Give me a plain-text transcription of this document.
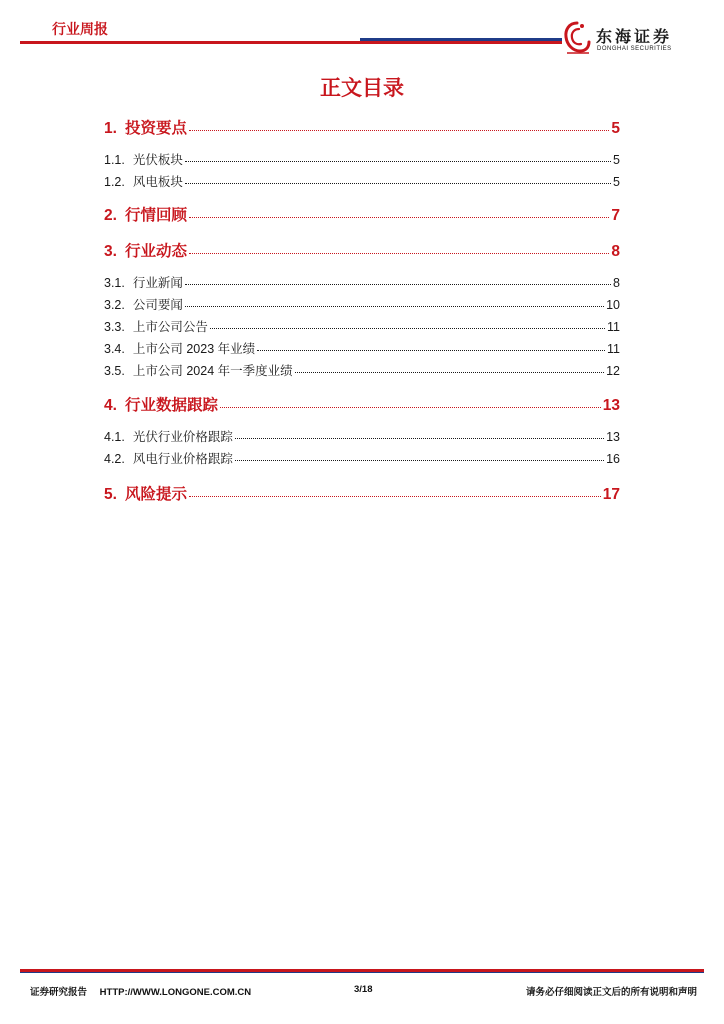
行业周报	东海证券
DONGHAI SECURITIES
正文目录
1. 投资要点	5
1.1. 光伏板块	5
1.2. 风电板块	5
2. 行情回顾	7
3. 行业动态	8
3.1. 行业新闻	8
3.2. 公司要闻	10
3.3. 上市公司公告	11
3.4. 上市公司 2023 年业绩	11
3.5. 上市公司 2024 年一季度业绩	12
4. 行业数据跟踪	13
4.1. 光伏行业价格跟踪	13
4.2. 风电行业价格跟踪	16
5. 风险提示	17
证券研究报告 HTTP://WWW.LONGONE.COM.CN	3/18	请务必仔细阅读正文后的所有说明和声明
